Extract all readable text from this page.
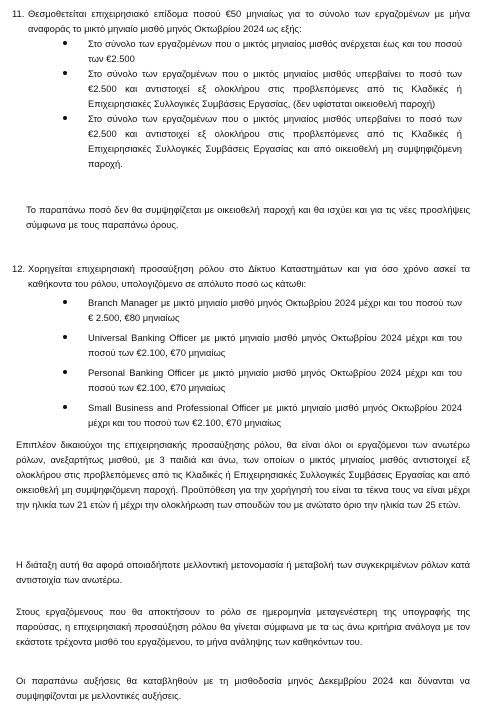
11. Θεσμοθετείται επιχειρησιακό επίδομα ποσού €50 μηνιαίως για το σύνολο των εργαζομένων με μήνα αναφοράς το μικτό μηνιαίο μισθό μηνός Οκτωβρίου 2024 ως εξής:
Στο σύνολο των εργαζομένων που ο μικτός μηνιαίος μισθός ανέρχεται έως και του ποσού των €2.500
Στο σύνολο των εργαζομένων που ο μικτός μηνιαίος μισθός υπερβαίνει το ποσό των €2.500 και αντιστοιχεί εξ ολοκλήρου στις προβλεπόμενες από τις Κλαδικές ή Επιχειρησιακές Συλλογικές Συμβάσεις Εργασίας, (δεν υφίσταται οικειοθελή παροχή)
Στο σύνολο των εργαζομένων που ο μικτός μηνιαίος μισθός υπερβαίνει το ποσό των €2.500 και αντιστοιχεί εξ ολοκλήρου στις προβλεπόμενες από τις Κλαδικές ή Επιχειρησιακές Συλλογικές Συμβάσεις Εργασίας και από οικειοθελή μη συμψηφιζόμενη παροχή.

Το παραπάνω ποσό δεν θα συμψηφίζεται με οικειοθελή παροχή και θα ισχύει και για τις νέες προσλήψεις σύμφωνα με τους παραπάνω όρους.

12. Χορηγείται επιχειρησιακή προσαύξηση ρόλου στο Δίκτυο Καταστημάτων και για όσο χρόνο ασκεί τα καθήκοντα του ρόλου, υπολογιζόμενο σε απόλυτο ποσό ως κάτωθι:
Branch Manager με μικτό μηνιαίο μισθό μηνός Οκτωβρίου 2024 μέχρι και του ποσού των € 2.500, €80 μηνιαίως
Universal Banking Officer με μικτό μηνιαίο μισθό μηνός Οκτωβρίου 2024 μέχρι και του ποσού των €2.100, €70 μηνιαίως
Personal Banking Officer με μικτό μηνιαίο μισθό μηνός Οκτωβρίου 2024 μέχρι και του ποσού των €2.100, €70 μηνιαίως
Small Business and Professional Officer με μικτό μηνιαίο μισθό μηνός Οκτωβρίου 2024 μέχρι και του ποσού των €2.100, €70 μηνιαίως

Επιπλέον δικαιούχοι της επιχειρησιακής προσαύξησης ρόλου, θα είναι όλοι οι εργαζόμενοι των ανωτέρω ρόλων, ανεξαρτήτως μισθού, με 3 παιδιά και άνω, των οποίων ο μικτός μηνιαίος μισθός αντιστοιχεί εξ ολοκλήρου στις προβλεπόμενες από τις Κλαδικές ή Επιχειρησιακές Συλλογικές Συμβάσεις Εργασίας και από οικειοθελή μη συμψηφιζόμενη παροχή. Προϋπόθεση για την χορήγησή του είναι τα τέκνα τους να είναι μέχρι την ηλικία των 21 ετών ή μέχρι την ολοκλήρωση των σπουδών του με ανώτατο όριο την ηλικία των 25 ετών.

Η διάταξη αυτή θα αφορά οποιαδήποτε μελλοντική μετονομασία ή μεταβολή των συγκεκριμένων ρόλων κατά αντιστοιχία των ανωτέρω.

Στους εργαζόμενους που θα αποκτήσουν το ρόλο σε ημερομηνία μεταγενέστερη της υπογραφής της παρούσας, η επιχειρησιακή προσαύξηση ρόλου θα γίνεται σύμφωνα με τα ως άνω κριτήρια ανάλογα με τον εκάστοτε τρέχοντα μισθό του εργαζόμενου, το μήνα ανάληψης των καθηκόντων του.

Οι παραπάνω αυξήσεις θα καταβληθούν με τη μισθοδοσία μηνός Δεκεμβρίου 2024 και δύνανται να συμψηφίζονται με μελλοντικές αυξήσεις.
